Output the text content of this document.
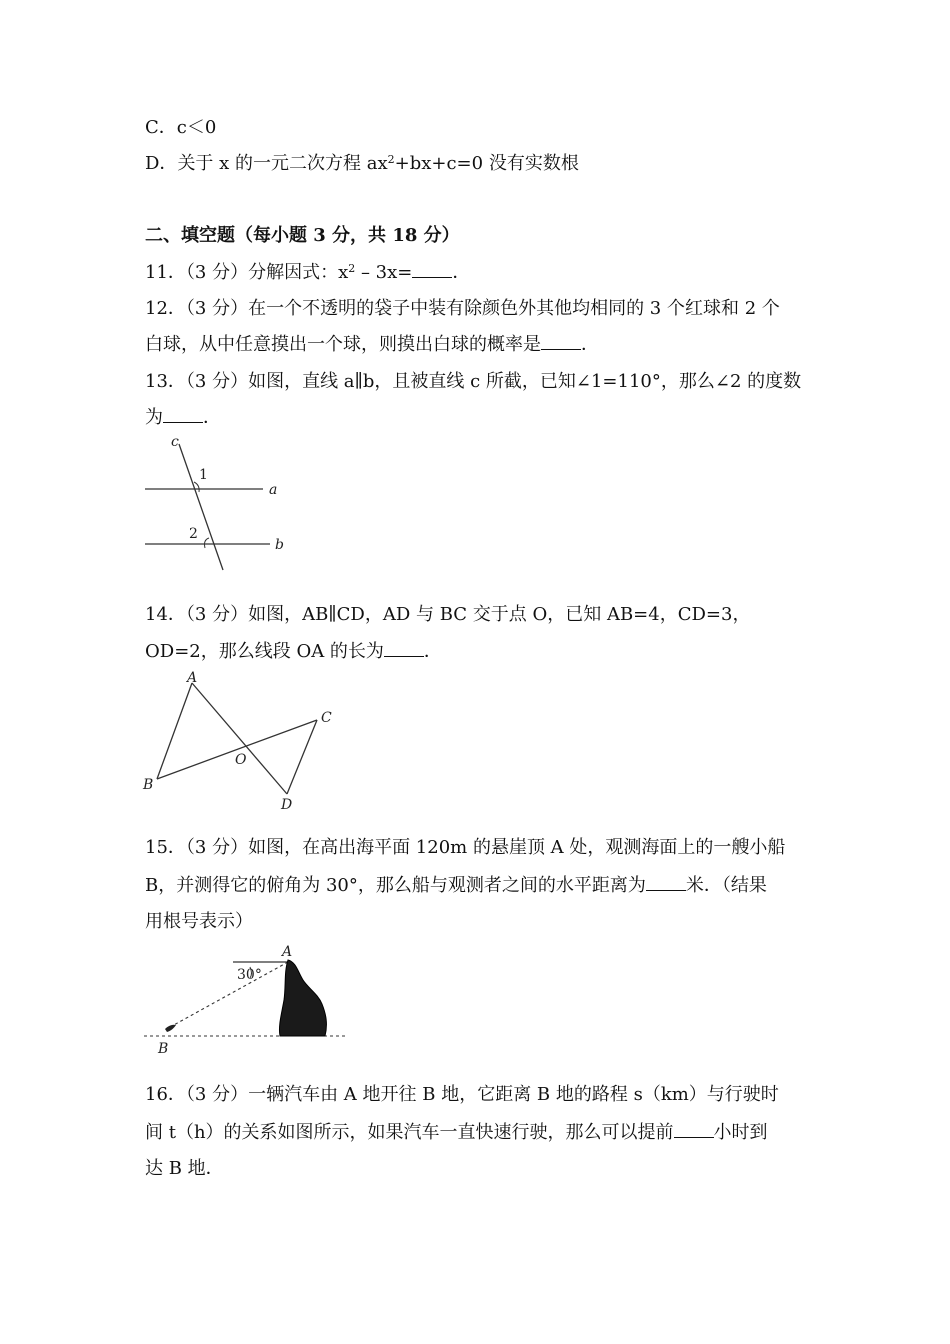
C．c＜0
D．关于 x 的一元二次方程 $ax^2+bx+c=0$ 没有实数根
二、填空题（每小题 3 分，共 18 分）
11．（3 分）分解因式：$x^2 - 3x=$ ．
12．（3 分）在一个不透明的袋子中装有除颜色外其他均相同的 3 个红球和 2 个
白球，从中任意摸出一个球，则摸出白球的概率是 ．
13．（3 分）如图，直线 a∥b，且被直线 c 所截，已知∠1=110°，那么∠2 的度数
为 ．
c
1
a
2
b
14．（3 分）如图，AB∥CD，AD 与 BC 交于点 O，已知 AB=4，CD=3，
OD=2，那么线段 OA 的长为 ．
A
B
C
D
O
15．（3 分）如图，在高出海平面 120m 的悬崖顶 A 处，观测海面上的一艘小船
B，并测得它的俯角为 30°，那么船与观测者之间的水平距离为 米．（结果
用根号表示）
A
B
30°
16．（3 分）一辆汽车由 A 地开往 B 地，它距离 B 地的路程 s（km）与行驶时
间 t（h）的关系如图所示，如果汽车一直快速行驶，那么可以提前 小时到
达 B 地．
